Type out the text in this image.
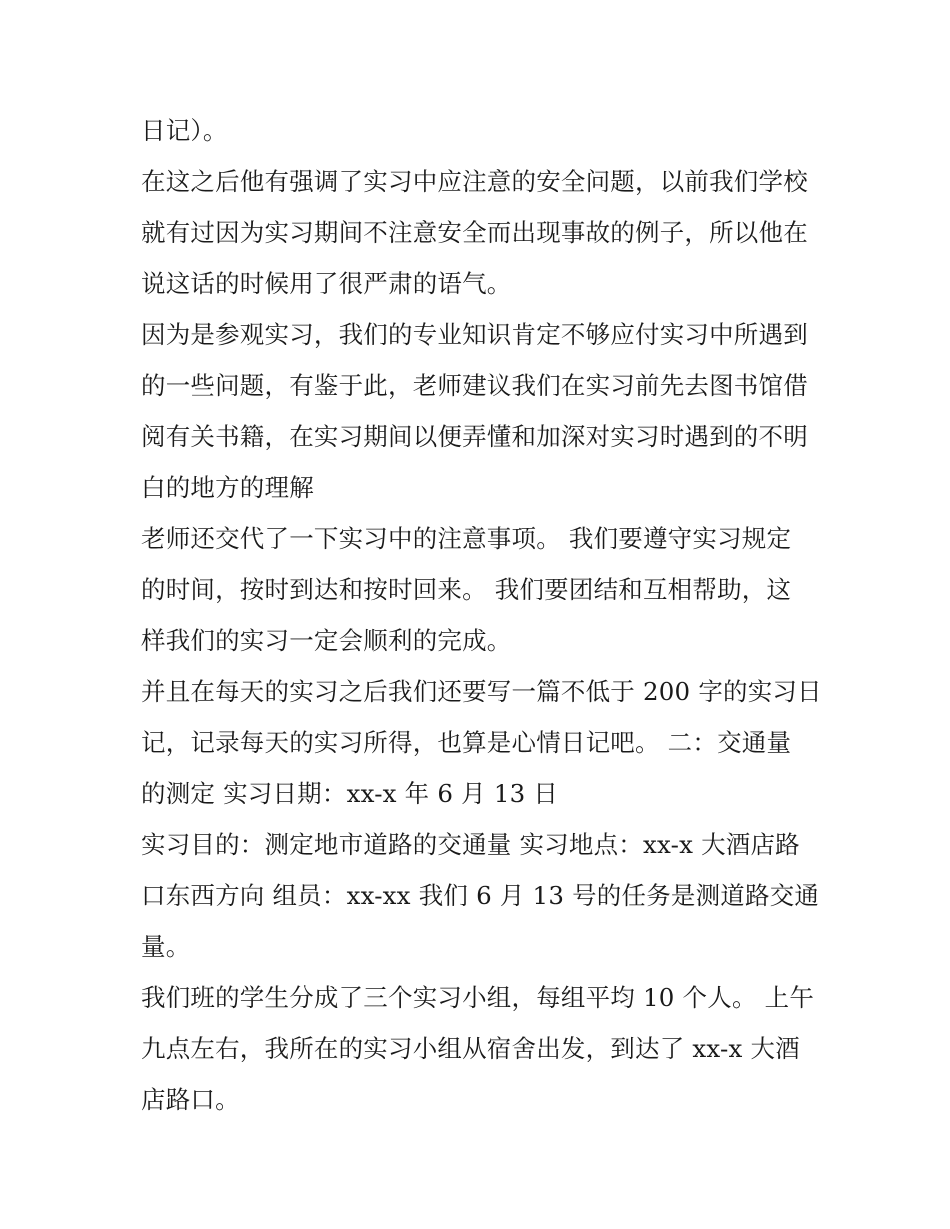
日记）。
在这之后他有强调了实习中应注意的安全问题，以前我们学校
就有过因为实习期间不注意安全而出现事故的例子，所以他在
说这话的时候用了很严肃的语气。
因为是参观实习，我们的专业知识肯定不够应付实习中所遇到
的一些问题，有鉴于此，老师建议我们在实习前先去图书馆借
阅有关书籍，在实习期间以便弄懂和加深对实习时遇到的不明
白的地方的理解
老师还交代了一下实习中的注意事项。 我们要遵守实习规定
的时间，按时到达和按时回来。 我们要团结和互相帮助，这
样我们的实习一定会顺利的完成。
并且在每天的实习之后我们还要写一篇不低于 200 字的实习日
记，记录每天的实习所得，也算是心情日记吧。 二：交通量
的测定 实习日期：xx-x 年 6 月 13 日
实习目的：测定地市道路的交通量 实习地点：xx-x 大酒店路
口东西方向 组员：xx-xx 我们 6 月 13 号的任务是测道路交通
量。
我们班的学生分成了三个实习小组，每组平均 10 个人。 上午
九点左右，我所在的实习小组从宿舍出发，到达了 xx-x 大酒
店路口。
